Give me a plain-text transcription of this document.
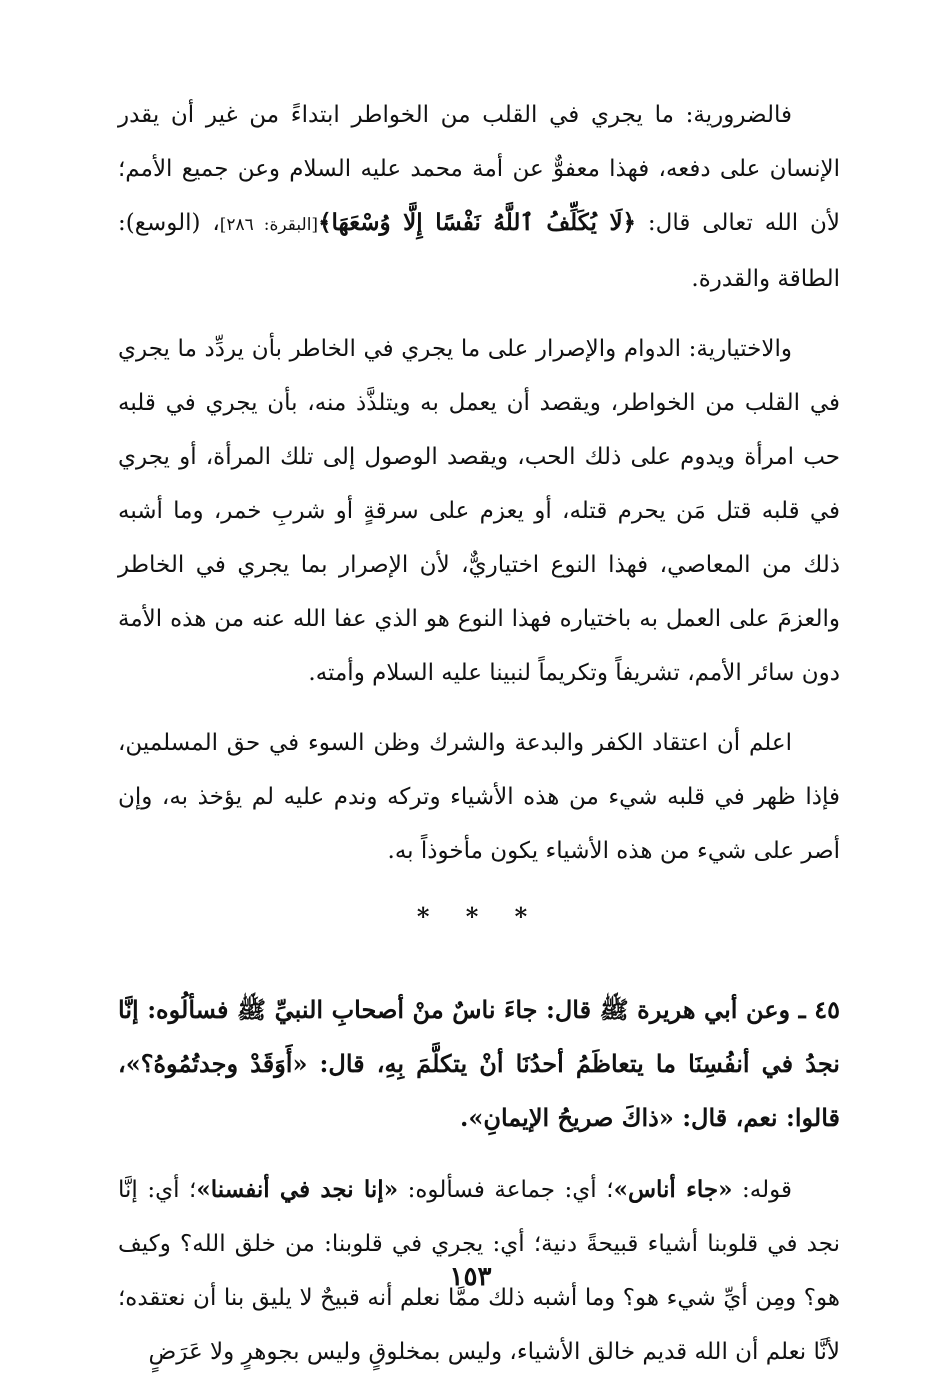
فالضرورية: ما يجري في القلب من الخواطر ابتداءً من غير أن يقدر الإنسان على دفعه، فهذا معفوٌّ عن أمة محمد عليه السلام وعن جميع الأمم؛ لأن الله تعالى قال: ﴿لَا يُكَلِّفُ ٱللَّهُ نَفْسًا إِلَّا وُسْعَهَا﴾[البقرة: ٢٨٦]، (الوسع): الطاقة والقدرة.

والاختيارية: الدوام والإصرار على ما يجري في الخاطر بأن يردِّد ما يجري في القلب من الخواطر، ويقصد أن يعمل به ويتلذَّذ منه، بأن يجري في قلبه حب امرأة ويدوم على ذلك الحب، ويقصد الوصول إلى تلك المرأة، أو يجري في قلبه قتل مَن يحرم قتله، أو يعزم على سرقةٍ أو شربِ خمر، وما أشبه ذلك من المعاصي، فهذا النوع اختياريٌّ، لأن الإصرار بما يجري في الخاطر والعزمَ على العمل به باختياره فهذا النوع هو الذي عفا الله عنه من هذه الأمة دون سائر الأمم، تشريفاً وتكريماً لنبينا عليه السلام وأمته.

اعلم أن اعتقاد الكفر والبدعة والشرك وظن السوء في حق المسلمين، فإذا ظهر في قلبه شيء من هذه الأشياء وتركه وندم عليه لم يؤخذ به، وإن أصر على شيء من هذه الأشياء يكون مأخوذاً به.

* * *

٤٥ ـ وعن أبي هريرة ﷺ قال: جاءَ ناسٌ منْ أصحابِ النبيِّ ﷺ فسألُوه: إنَّا نجدُ في أنفُسِنَا ما يتعاظَمُ أحدُنَا أنْ يتكلَّمَ بِهِ، قال: «أَوَقَدْ وجدتُمُوهُ؟»، قالوا: نعم، قال: «ذاكَ صريحُ الإيمانِ».

قوله: «جاء أناس»؛ أي: جماعة فسألوه: «إنا نجد في أنفسنا»؛ أي: إنَّا نجد في قلوبنا أشياء قبيحةً دنية؛ أي: يجري في قلوبنا: من خلق الله؟ وكيف هو؟ ومِن أيِّ شيء هو؟ وما أشبه ذلك ممَّا نعلم أنه قبيحٌ لا يليق بنا أن نعتقده؛ لأنَّا نعلم أن الله قديم خالق الأشياء، وليس بمخلوقٍ وليس بجوهرٍ ولا عَرَضٍ

١٥٣
